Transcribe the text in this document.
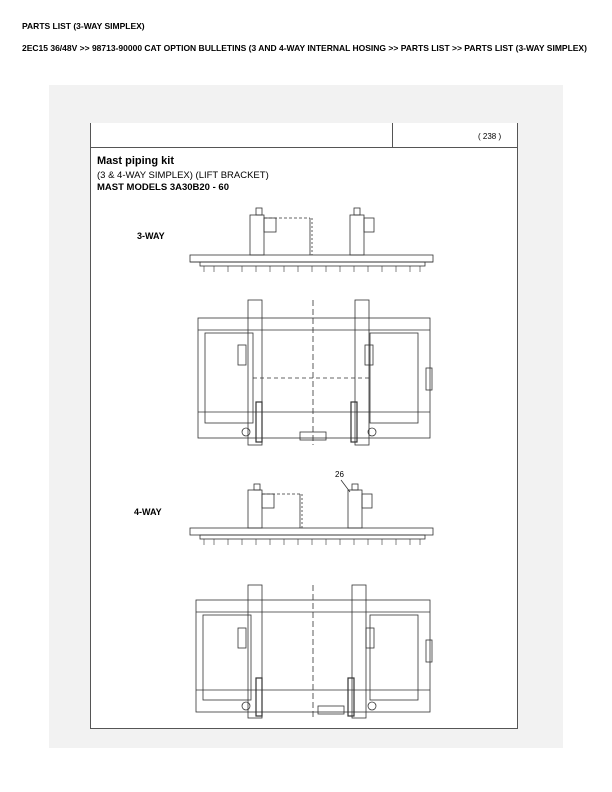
PARTS LIST (3-WAY SIMPLEX)
2EC15 36/48V >> 98713-90000 CAT OPTION BULLETINS (3 AND 4-WAY INTERNAL HOSING >> PARTS LIST >> PARTS LIST (3-WAY SIMPLEX)
( 238 )
Mast piping kit
(3 & 4-WAY SIMPLEX) (LIFT BRACKET)
MAST MODELS 3A30B20 - 60
3-WAY
4-WAY
26
